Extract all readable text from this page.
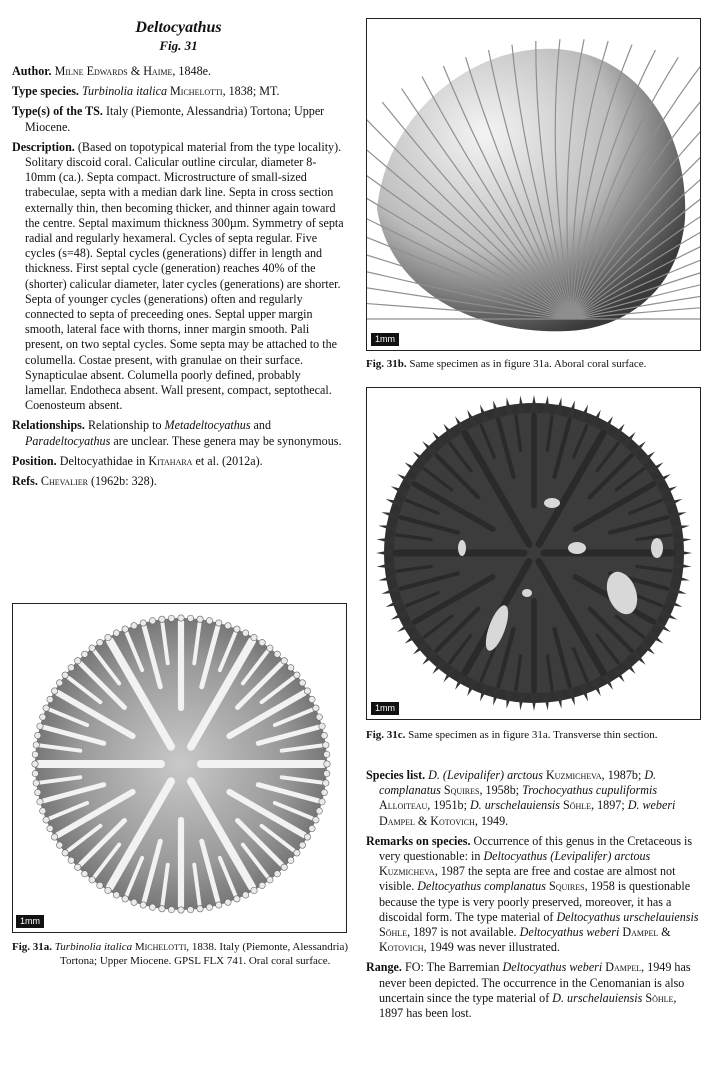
Deltocyathus

Fig. 31

Author. Milne Edwards & Haime, 1848e.

Type species. Turbinolia italica Michelotti, 1838; MT.

Type(s) of the TS. Italy (Piemonte, Alessandria) Tortona; Upper Miocene.

Description. (Based on topotypical material from the type locality). Solitary discoid coral. Calicular outline circular, diameter 8-10mm (ca.). Septa compact. Microstructure of small-sized trabeculae, septa with a median dark line. Septa in cross section externally thin, then becoming thicker, and thinner again toward the centre. Septal maximum thickness 300µm. Symmetry of septa radial and regularly hexameral. Cycles of septa regular. Five cycles (s=48). Septal cycles (generations) differ in length and thickness. First septal cycle (generation) reaches 40% of the (shorter) calicular diameter, later cycles (generations) are shorter. Septa of younger cycles (generations) often and regularly connected to septa of preceeding ones. Septal upper margin smooth, lateral face with thorns, inner margin smooth. Pali present, on two septal cycles. Some septa may be attached to the columella. Costae present, with granulae on their surface. Synapticulae absent. Columella poorly defined, probably lamellar. Endotheca absent. Wall present, compact, septothecal. Coenosteum absent.

Relationships. Relationship to Metadeltocyathus and Paradeltocyathus are unclear. These genera may be synonymous.

Position. Deltocyathidae in Kitahara et al. (2012a).

Refs. Chevalier (1962b: 328).

1mm
Fig. 31a. Turbinolia italica Michelotti, 1838. Italy (Piemonte, Alessandria) Tortona; Upper Miocene. GPSL FLX 741. Oral coral surface.
1mm
Fig. 31b. Same specimen as in figure 31a. Aboral coral surface.
1mm
Fig. 31c. Same specimen as in figure 31a. Transverse thin section.

Species list. D. (Levipalifer) arctous Kuzmicheva, 1987b; D. complanatus Squires, 1958b; Trochocyathus cupuliformis Alloiteau, 1951b; D. urschelauiensis Söhle, 1897; D. weberi Dampel & Kotovich, 1949.

Remarks on species. Occurrence of this genus in the Cretaceous is very questionable: in Deltocyathus (Levipalifer) arctous Kuzmicheva, 1987 the septa are free and costae are almost not visible. Deltocyathus complanatus Squires, 1958 is questionable because the type is very poorly preserved, moreover, it has a discoidal form. The type material of Deltocyathus urschelauiensis Söhle, 1897 is not available. Deltocyathus weberi Dampel & Kotovich, 1949 was never illustrated.

Range. FO: The Barremian Deltocyathus weberi Dampel, 1949 has never been depicted. The occurrence in the Cenomanian is also uncertain since the type material of D. urschelauiensis Söhle, 1897 has been lost.
